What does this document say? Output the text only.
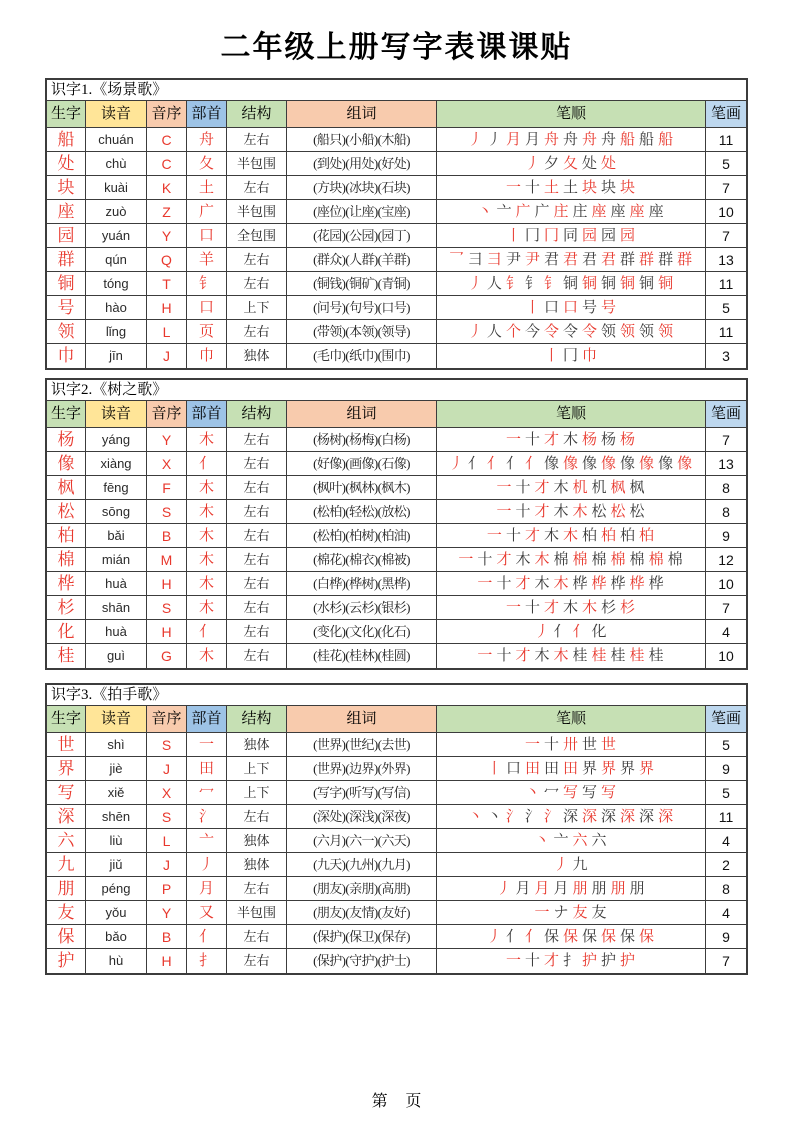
二年级上册写字表课课贴
识字1.《场景歌》
生字	读音	音序 部首	结构	组词	笔顺	笔画
船	chuán	C	舟	左右	(船只)(小船)(木船)	丿 丿 月 月 舟 舟 舟 舟 船 船 船	11
处	chù	C	夂	半包围	(到处)(用处)(好处)	丿 夕 夂 处 处	5
块	kuài	K	土	左右	(方块)(冰块)(石块)	一 十 土 土 块 块 块	7
座	zuò	Z	广	半包围	(座位)(让座)(宝座)	丶 亠 广 广 庄 庄 座 座 座 座	10
园	yuán	Y	口	全包围	(花园)(公园)(园丁)	丨 冂 冂 同 园 园 园	7
群	qún	Q	羊	左右	(群众)(人群)(羊群)	乛 彐 彐 尹 尹 君 君 君 君 群 群 群 群	13
铜	tóng	T	钅	左右	(铜钱)(铜矿)(青铜)	丿 人 钅 钅 钅 铜 铜 铜 铜 铜 铜	11
号	hào	H	口	上下	(问号)(句号)(口号)	丨 口 口 号 号	5
领	lǐng	L	页	左右	(带领)(本领)(领导)	丿 人 个 今 令 令 令 领 领 领 领	11
巾	jīn	J	巾	独体	(毛巾)(纸巾)(围巾)	丨 冂 巾	3
识字2.《树之歌》
生字	读音	音序 部首	结构	组词	笔顺	笔画
杨	yáng	Y	木	左右	(杨树)(杨梅)(白杨)	一 十 才 木 杨 杨 杨	7
像	xiàng	X	亻	左右	(好像)(画像)(石像)	丿 亻 亻 亻 亻 像 像 像 像 像 像 像 像	13
枫	fēng	F	木	左右	(枫叶)(枫林)(枫木)	一 十 才 木 机 机 枫 枫	8
松	sōng	S	木	左右	(松柏)(轻松)(放松)	一 十 才 木 木 松 松 松	8
柏	bǎi	B	木	左右	(松柏)(柏树)(柏油)	一 十 才 木 木 柏 柏 柏 柏	9
棉	mián	M	木	左右	(棉花)(棉衣)(棉被)	一 十 才 木 木 棉 棉 棉 棉 棉 棉 棉	12
桦	huà	H	木	左右	(白桦)(桦树)(黑桦)	一 十 才 木 木 桦 桦 桦 桦 桦	10
杉	shān	S	木	左右	(水杉)(云杉)(银杉)	一 十 才 木 木 杉 杉	7
化	huà	H	亻	左右	(变化)(文化)(化石)	丿 亻 亻 化	4
桂	guì	G	木	左右	(桂花)(桂林)(桂圆)	一 十 才 木 木 桂 桂 桂 桂 桂	10
识字3.《拍手歌》
生字	读音	音序 部首	结构	组词	笔顺	笔画
世	shì	S	一	独体	(世界)(世纪)(去世)	一 十 卅 世 世	5
界	jiè	J	田	上下	(世界)(边界)(外界)	丨 口 田 田 田 界 界 界 界	9
写	xiě	X	冖	上下	(写字)(听写)(写信)	丶 冖 写 写 写	5
深	shēn	S	氵	左右	(深处)(深浅)(深夜)	丶 丶 氵 氵 氵 深 深 深 深 深 深	11
六	liù	L	亠	独体	(六月)(六一)(六天)	丶 亠 六 六	4
九	jiǔ	J	丿	独体	(九天)(九州)(九月)	丿 九	2
朋	péng	P	月	左右	(朋友)(亲朋)(高朋)	丿 月 月 月 朋 朋 朋 朋	8
友	yǒu	Y	又	半包围	(朋友)(友情)(友好)	一 ナ 友 友	4
保	bǎo	B	亻	左右	(保护)(保卫)(保存)	丿 亻 亻 保 保 保 保 保 保	9
护	hù	H	扌	左右	(保护)(守护)(护士)	一 十 才 扌 护 护 护	7
第    页
